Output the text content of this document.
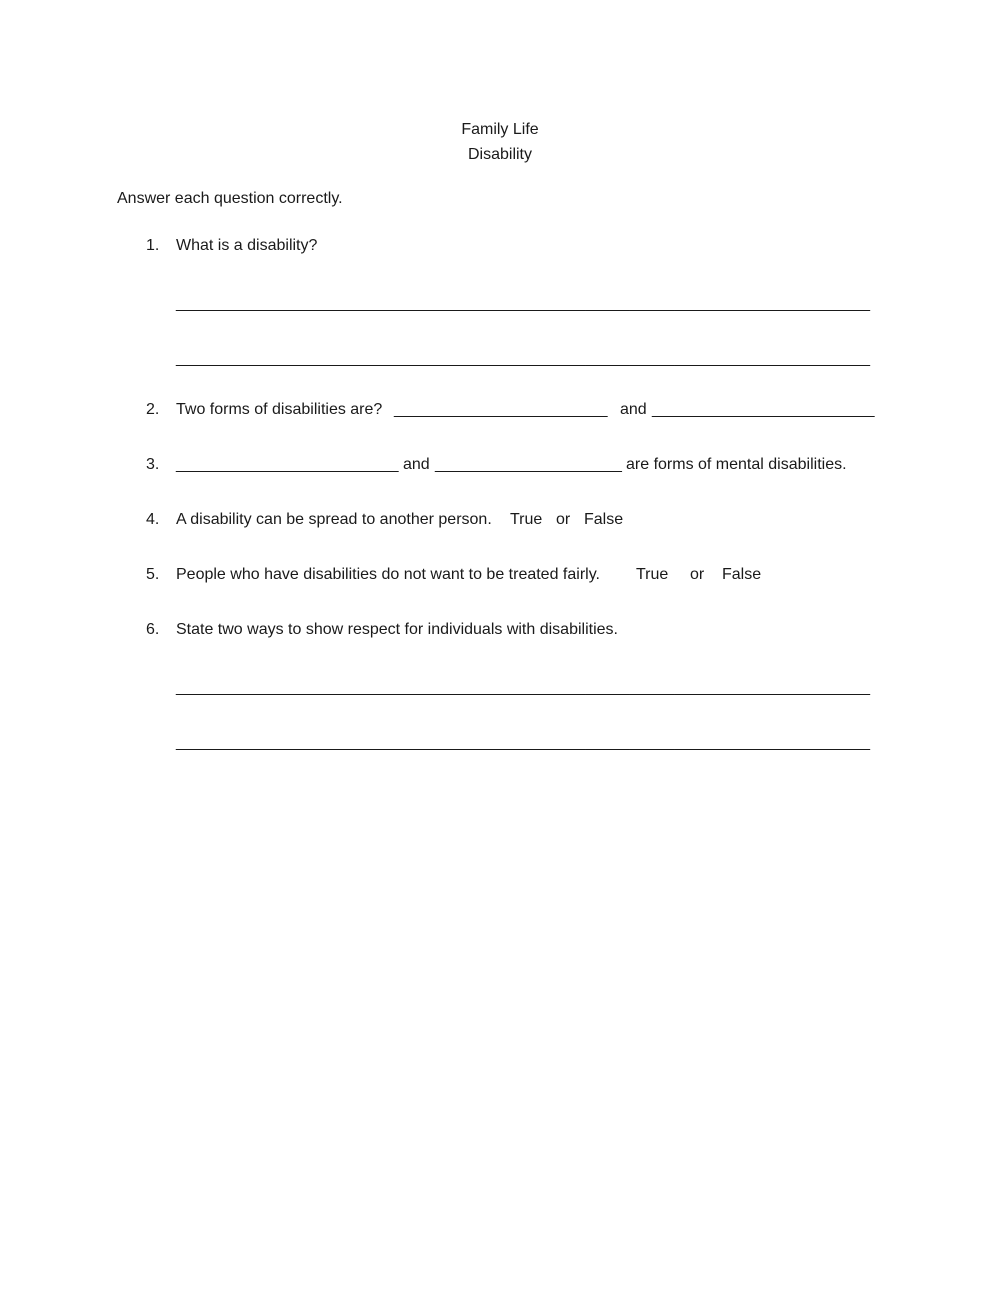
Family Life
Disability
Answer each question correctly.
1. What is a disability?
______________________________________________________________________________
______________________________________________________________________________
2. Two forms of disabilities are? ________________________ and _________________________
3. _________________________ and _____________________ are forms of mental disabilities.
4. A disability can be spread to another person. True or False
5. People who have disabilities do not want to be treated fairly. True or False
6. State two ways to show respect for individuals with disabilities.
______________________________________________________________________________
______________________________________________________________________________
